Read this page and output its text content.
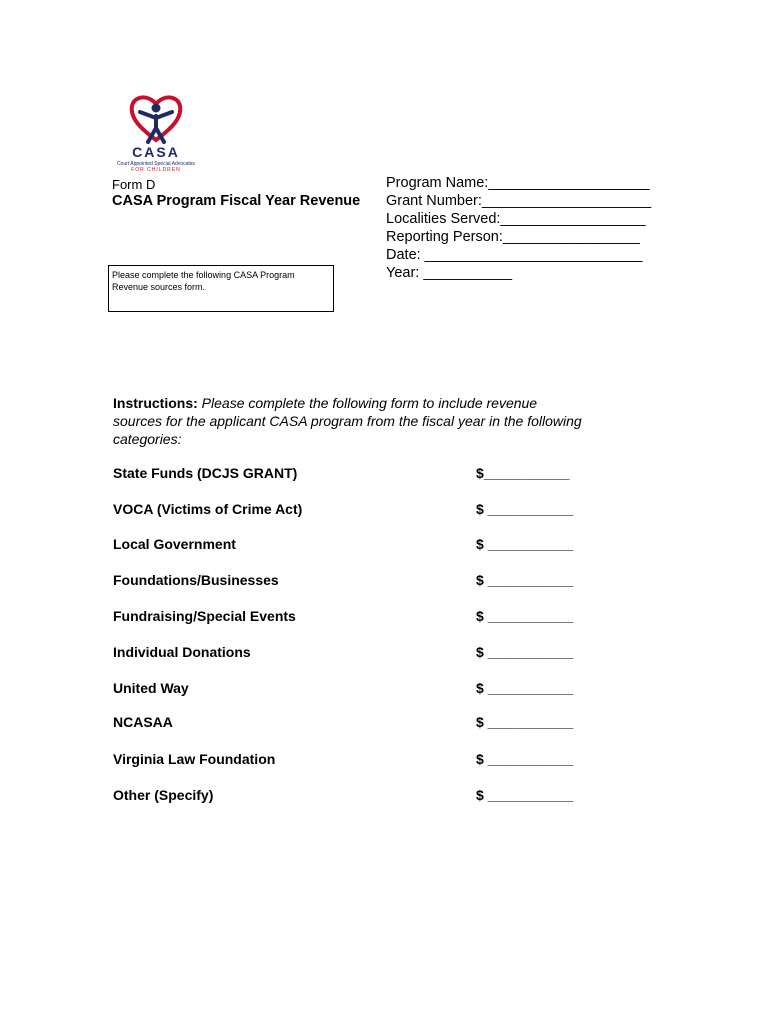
CASA
Court Appointed Special Advocates
FOR CHILDREN
Form D
CASA Program Fiscal Year Revenue
Program Name:____________________
Grant Number:_____________________
Localities Served:__________________
Reporting Person:_________________
Date: ___________________________
Year: ___________
Please complete the following CASA Program Revenue sources form.
Instructions: Please complete the following form to include revenue sources for the applicant CASA program from the fiscal year in the following categories:
State Funds (DCJS GRANT)	$___________
VOCA (Victims of Crime Act)	$ ___________
Local Government	$ ___________
Foundations/Businesses	$ ___________
Fundraising/Special Events	$ ___________
Individual Donations	$ ___________
United Way	$ ___________
NCASAA	$ ___________
Virginia Law Foundation	$ ___________
Other (Specify)	$ ___________
